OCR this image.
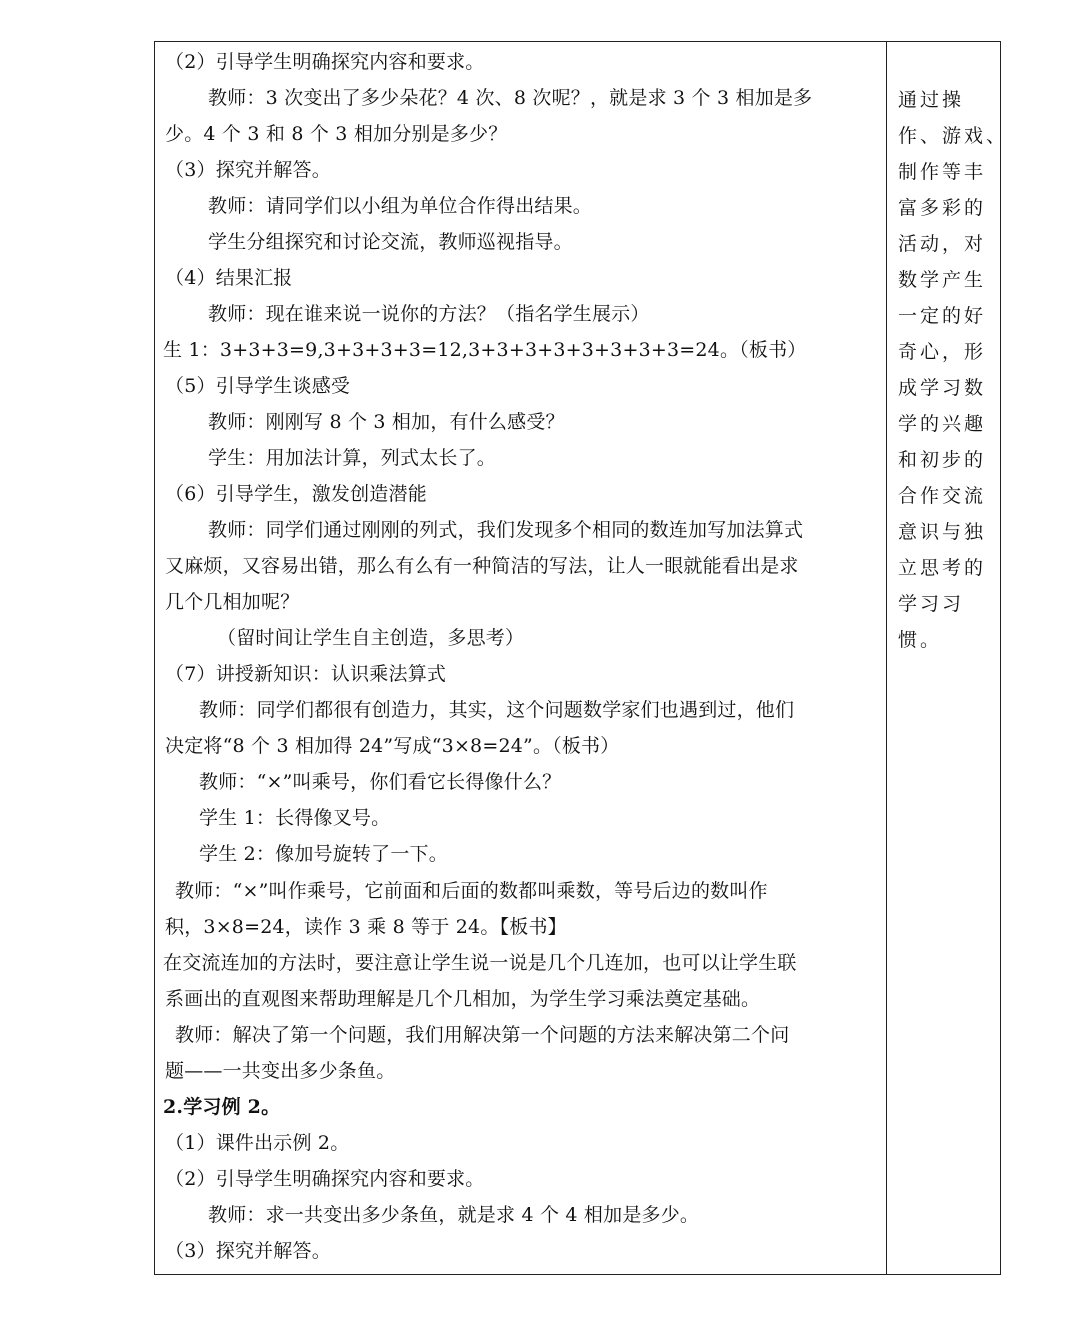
（2）引导学生明确探究内容和要求。
教师：3 次变出了多少朵花？4 次、8 次呢？，就是求 3 个 3 相加是多
少。4 个 3 和 8 个 3 相加分别是多少？
（3）探究并解答。
教师：请同学们以小组为单位合作得出结果。
学生分组探究和讨论交流，教师巡视指导。
（4）结果汇报
教师：现在谁来说一说你的方法？（指名学生展示）
生 1：3+3+3=9,3+3+3+3=12,3+3+3+3+3+3+3+3=24。（板书）
（5）引导学生谈感受
教师：刚刚写 8 个 3 相加，有什么感受？
学生：用加法计算，列式太长了。
（6）引导学生，激发创造潜能
教师：同学们通过刚刚的列式，我们发现多个相同的数连加写加法算式
又麻烦，又容易出错，那么有么有一种简洁的写法，让人一眼就能看出是求
几个几相加呢？
（留时间让学生自主创造，多思考）
（7）讲授新知识：认识乘法算式
教师：同学们都很有创造力，其实，这个问题数学家们也遇到过，他们
决定将“8 个 3 相加得 24”写成“3×8=24”。（板书）
教师：“×”叫乘号，你们看它长得像什么？
学生 1：长得像叉号。
学生 2：像加号旋转了一下。
教师：“×”叫作乘号，它前面和后面的数都叫乘数，等号后边的数叫作
积，3×8=24，读作 3 乘 8 等于 24。【板书】
在交流连加的方法时，要注意让学生说一说是几个几连加，也可以让学生联
系画出的直观图来帮助理解是几个几相加，为学生学习乘法奠定基础。
教师：解决了第一个问题，我们用解决第一个问题的方法来解决第二个问
题——一共变出多少条鱼。
2.学习例 2。
（1）课件出示例 2。
（2）引导学生明确探究内容和要求。
教师：求一共变出多少条鱼，就是求 4 个 4 相加是多少。
（3）探究并解答。
通过操
作、游戏、
制作等丰
富多彩的
活动，对
数学产生
一定的好
奇心，形
成学习数
学的兴趣
和初步的
合作交流
意识与独
立思考的
学习习
惯。
